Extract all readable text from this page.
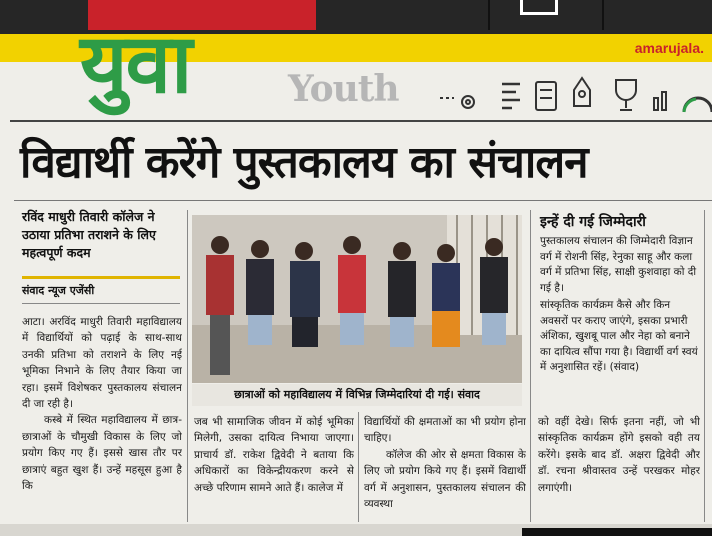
amarujala.
युवा	Youth
विद्यार्थी करेंगे पुस्तकालय का संचालन
रविंद माधुरी तिवारी कॉलेज ने उठाया प्रतिभा तराशने के लिए महत्वपूर्ण कदम
संवाद न्यूज एजेंसी

आटा। अरविंद माधुरी तिवारी महाविद्यालय में विद्यार्थियों को पढ़ाई के साथ-साथ उनकी प्रतिभा को तराशने के लिए नई भूमिका निभाने के लिए तैयार किया जा रहा। इसमें विशेषकर पुस्तकालय संचालन दी जा रही है।

कस्बे में स्थित महाविद्यालय में छात्र-छात्राओं के चौमुखी विकास के लिए जो प्रयोग किए गए हैं। इससे खास तौर पर छात्राएं बहुत खुश हैं। उन्हें महसूस हुआ है कि

छात्राओं को महाविद्यालय में विभिन्न जिम्मेदारियां दी गई। संवाद

जब भी सामाजिक जीवन में कोई भूमिका मिलेगी, उसका दायित्व निभाया जाएगा। प्राचार्य डॉ. राकेश द्विवेदी ने बताया कि अधिकारों का विकेन्द्रीयकरण करने से अच्छे परिणाम सामने आते हैं। कालेज में

विद्यार्थियों की क्षमताओं का भी प्रयोग होना चाहिए।

कॉलेज की ओर से क्षमता विकास के लिए जो प्रयोग किये गए हैं। इसमें विद्यार्थी वर्ग में अनुशासन, पुस्तकालय संचालन की व्यवस्था

इन्हें दी गई जिम्मेदारी

पुस्तकालय संचालन की जिम्मेदारी विज्ञान वर्ग में रोशनी सिंह, रेनुका साहू और कला वर्ग में प्रतिभा सिंह, साक्षी कुशवाहा को दी गई है।

सांस्कृतिक कार्यक्रम कैसे और किन अवसरों पर कराए जाएंगे, इसका प्रभारी अंशिका, खुशबू पाल और नेहा को बनाने का दायित्व सौंपा गया है। विद्यार्थी वर्ग स्वयं में अनुशासित रहें। (संवाद)

को वहीं देखे। सिर्फ इतना नहीं, जो भी सांस्कृतिक कार्यक्रम होंगे इसको वही तय करेंगे। इसके बाद डॉ. अक्षरा द्विवेदी और डॉ. रचना श्रीवास्तव उन्हें परखकर मोहर लगाएंगी।
